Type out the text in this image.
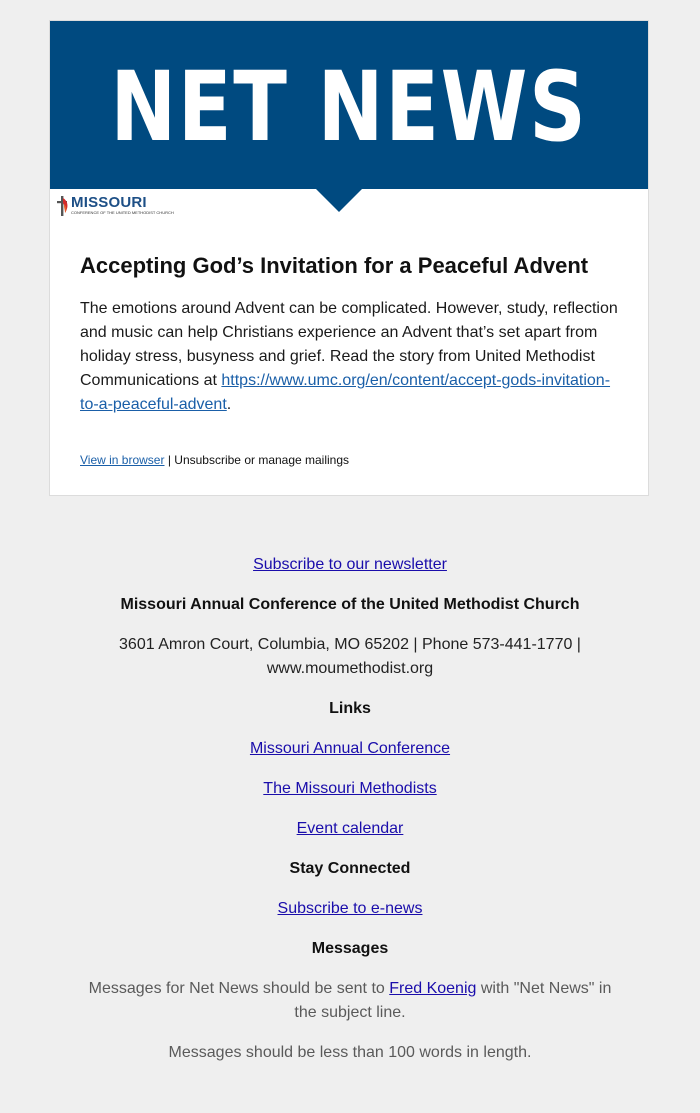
NET NEWS
MISSOURI
CONFERENCE OF THE UNITED METHODIST CHURCH
Accepting God’s Invitation for a Peaceful Advent

The emotions around Advent can be complicated. However, study, reflection and music can help Christians experience an Advent that’s set apart from holiday stress, busyness and grief. Read the story from United Methodist Communications at https://www.umc.org/en/content/accept-gods-invitation-to-a-peaceful-advent.

View in browser | Unsubscribe or manage mailings

Subscribe to our newsletter

Missouri Annual Conference of the United Methodist Church

3601 Amron Court, Columbia, MO 65202 | Phone 573-441-1770 | www.moumethodist.org

Links

Missouri Annual Conference

The Missouri Methodists

Event calendar

Stay Connected

Subscribe to e-news

Messages

Messages for Net News should be sent to Fred Koenig with "Net News" in the subject line.

Messages should be less than 100 words in length.
